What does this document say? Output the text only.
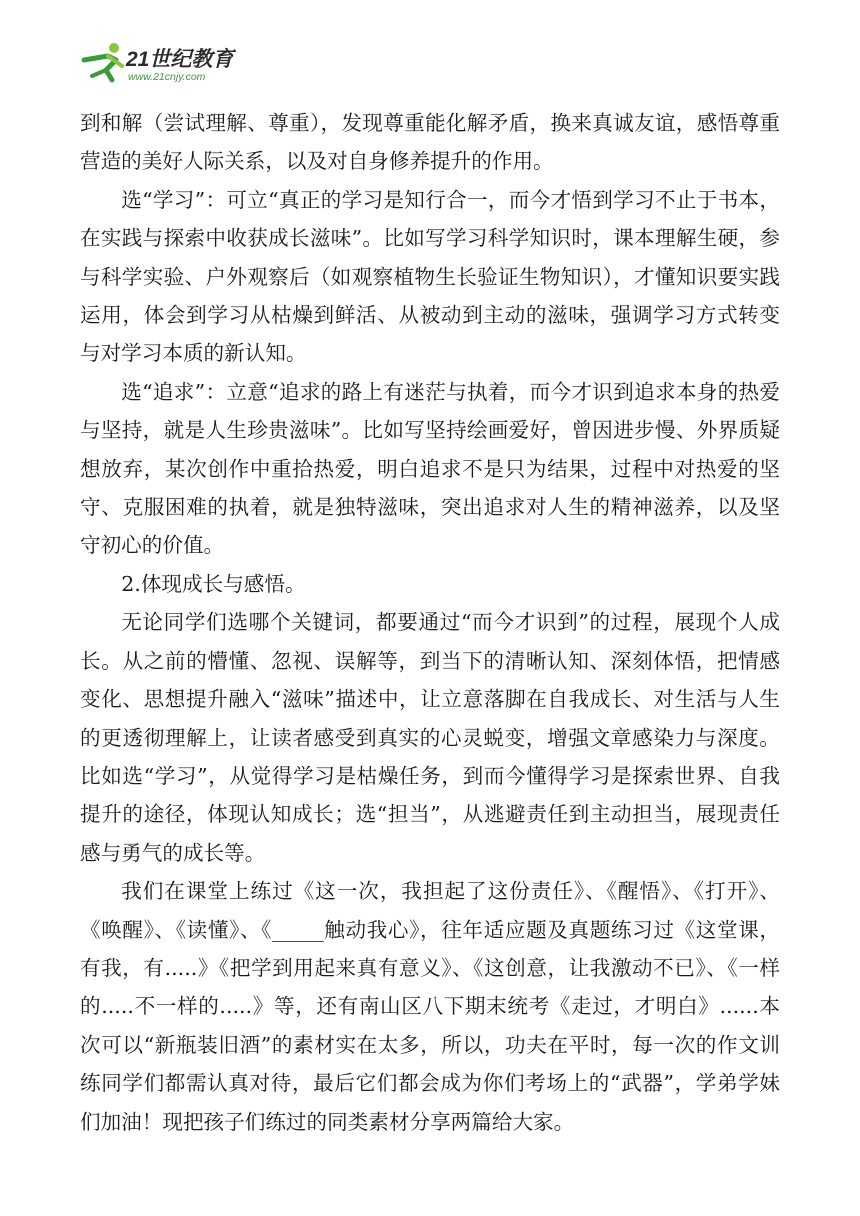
21世纪教育
www.21cnjy.com

到和解（尝试理解、尊重），发现尊重能化解矛盾，换来真诚友谊，感悟尊重营造的美好人际关系，以及对自身修养提升的作用。

选“学习”：可立“真正的学习是知行合一，而今才悟到学习不止于书本，在实践与探索中收获成长滋味”。比如写学习科学知识时，课本理解生硬，参与科学实验、户外观察后（如观察植物生长验证生物知识），才懂知识要实践运用，体会到学习从枯燥到鲜活、从被动到主动的滋味，强调学习方式转变与对学习本质的新认知。

选“追求”：立意“追求的路上有迷茫与执着，而今才识到追求本身的热爱与坚持，就是人生珍贵滋味”。比如写坚持绘画爱好，曾因进步慢、外界质疑想放弃，某次创作中重拾热爱，明白追求不是只为结果，过程中对热爱的坚守、克服困难的执着，就是独特滋味，突出追求对人生的精神滋养，以及坚守初心的价值。

2.体现成长与感悟。

无论同学们选哪个关键词，都要通过“而今才识到”的过程，展现个人成长。从之前的懵懂、忽视、误解等，到当下的清晰认知、深刻体悟，把情感变化、思想提升融入“滋味”描述中，让立意落脚在自我成长、对生活与人生的更透彻理解上，让读者感受到真实的心灵蜕变，增强文章感染力与深度。比如选“学习”，从觉得学习是枯燥任务，到而今懂得学习是探索世界、自我提升的途径，体现认知成长；选“担当”，从逃避责任到主动担当，展现责任感与勇气的成长等。

我们在课堂上练过《这一次，我担起了这份责任》、《醒悟》、《打开》、《唤醒》、《读懂》、《_____触动我心》，往年适应题及真题练习过《这堂课，有我，有.....》《把学到用起来真有意义》、《这创意，让我激动不已》、《一样的.....不一样的.....》等，还有南山区八下期末统考《走过，才明白》......本次可以“新瓶装旧酒”的素材实在太多，所以，功夫在平时，每一次的作文训练同学们都需认真对待，最后它们都会成为你们考场上的“武器”，学弟学妹们加油！现把孩子们练过的同类素材分享两篇给大家。
